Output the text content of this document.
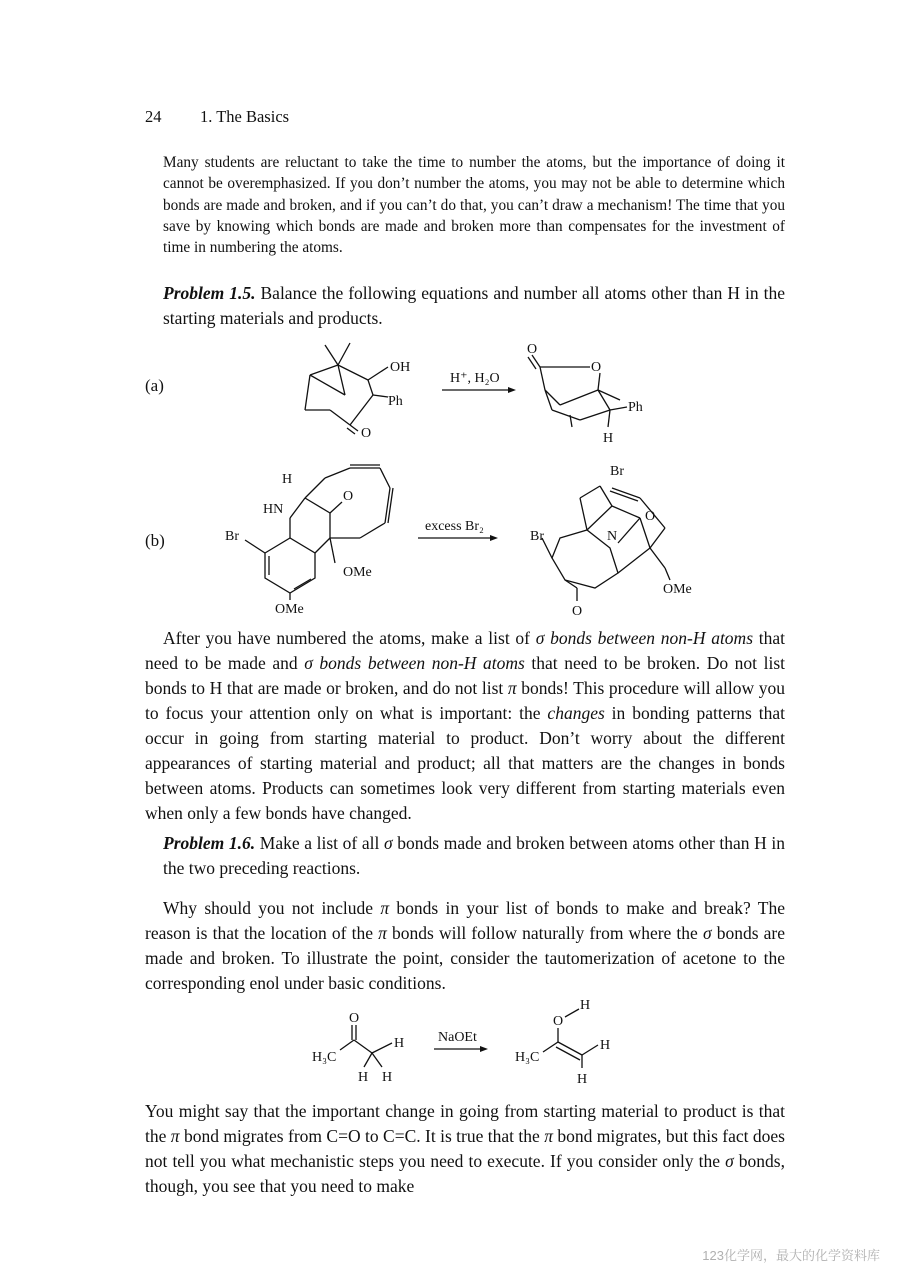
24 1. The Basics
Many students are reluctant to take the time to number the atoms, but the importance of doing it cannot be overemphasized. If you don’t number the atoms, you may not be able to determine which bonds are made and broken, and if you can’t do that, you can’t draw a mechanism! The time that you save by knowing which bonds are made and broken more than compensates for the investment of time in numbering the atoms.
Problem 1.5. Balance the following equations and number all atoms other than H in the starting materials and products.
(a)
OH
Ph
O
H⁺, H₂O
O
O
Ph
H
(b)
H
HN
O
Br
OMe
OMe
excess Br₂
Br
Br	N
O
OMe
O
After you have numbered the atoms, make a list of σ bonds between non-H atoms that need to be made and σ bonds between non-H atoms that need to be broken. Do not list bonds to H that are made or broken, and do not list π bonds! This procedure will allow you to focus your attention only on what is important: the changes in bonding patterns that occur in going from starting material to product. Don’t worry about the different appearances of starting material and product; all that matters are the changes in bonds between atoms. Products can sometimes look very different from starting materials even when only a few bonds have changed.
Problem 1.6. Make a list of all σ bonds made and broken between atoms other than H in the two preceding reactions.
Why should you not include π bonds in your list of bonds to make and break? The reason is that the location of the π bonds will follow naturally from where the σ bonds are made and broken. To illustrate the point, consider the tautomerization of acetone to the corresponding enol under basic conditions.
O
H
H₃C
H H
NaOEt
H
O
H
H₃C
H
You might say that the important change in going from starting material to product is that the π bond migrates from C=O to C=C. It is true that the π bond migrates, but this fact does not tell you what mechanistic steps you need to execute. If you consider only the σ bonds, though, you see that you need to make
123化学网，最大的化学资料库
